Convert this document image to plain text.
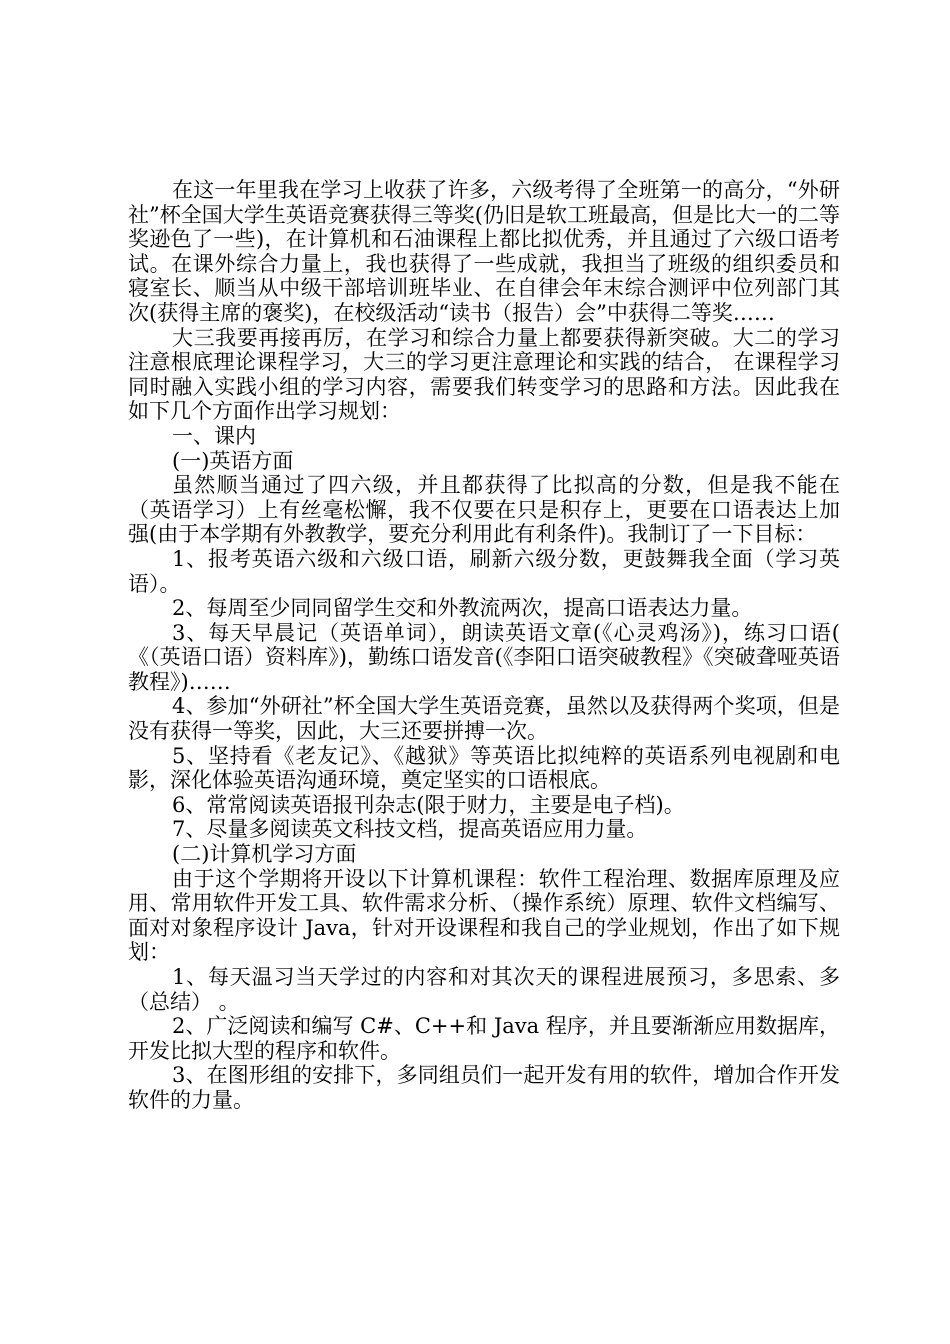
在这一年里我在学习上收获了许多，六级考得了全班第一的高分，“外研社”杯全国大学生英语竞赛获得三等奖(仍旧是软工班最高，但是比大一的二等奖逊色了一些)，在计算机和石油课程上都比拟优秀，并且通过了六级口语考试。在课外综合力量上，我也获得了一些成就，我担当了班级的组织委员和寝室长、顺当从中级干部培训班毕业、在自律会年末综合测评中位列部门其次(获得主席的褒奖)，在校级活动“读书（报告）会”中获得二等奖……

大三我要再接再厉，在学习和综合力量上都要获得新突破。大二的学习注意根底理论课程学习，大三的学习更注意理论和实践的结合， 在课程学习同时融入实践小组的学习内容，需要我们转变学习的思路和方法。因此我在如下几个方面作出学习规划：

一、课内

(一)英语方面

虽然顺当通过了四六级，并且都获得了比拟高的分数，但是我不能在（英语学习）上有丝毫松懈，我不仅要在只是积存上，更要在口语表达上加强(由于本学期有外教教学，要充分利用此有利条件)。我制订了一下目标：

1、报考英语六级和六级口语，刷新六级分数，更鼓舞我全面（学习英语）。

2、每周至少同同留学生交和外教流两次，提高口语表达力量。

3、每天早晨记（英语单词），朗读英语文章(《心灵鸡汤》)，练习口语( 《（英语口语）资料库》)，勤练口语发音(《李阳口语突破教程》《突破聋哑英语教程》)……

4、参加“外研社”杯全国大学生英语竞赛，虽然以及获得两个奖项，但是没有获得一等奖，因此，大三还要拼搏一次。

5、坚持看《老友记》、《越狱》等英语比拟纯粹的英语系列电视剧和电影，深化体验英语沟通环境，奠定坚实的口语根底。

6、常常阅读英语报刊杂志(限于财力，主要是电子档)。

7、尽量多阅读英文科技文档，提高英语应用力量。

(二)计算机学习方面

由于这个学期将开设以下计算机课程：软件工程治理、数据库原理及应用、常用软件开发工具、软件需求分析、（操作系统）原理、软件文档编写、面对对象程序设计 Java，针对开设课程和我自己的学业规划，作出了如下规划：

1、每天温习当天学过的内容和对其次天的课程进展预习，多思索、多（总结） 。

2、广泛阅读和编写 C#、C++和 Java 程序，并且要渐渐应用数据库，开发比拟大型的程序和软件。

3、在图形组的安排下，多同组员们一起开发有用的软件，增加合作开发软件的力量。
